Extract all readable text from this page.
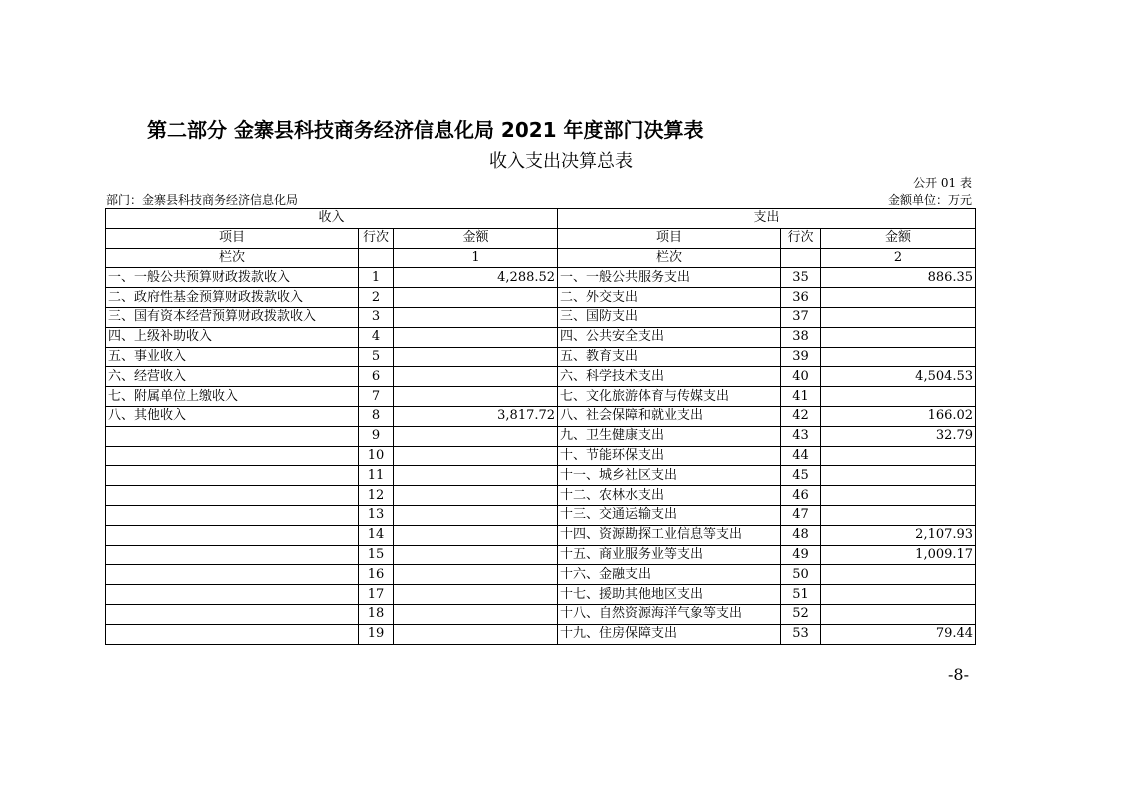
第二部分 金寨县科技商务经济信息化局 2021 年度部门决算表
收入支出决算总表
公开 01 表
部门：金寨县科技商务经济信息化局	金额单位：万元
收入			支出		
项目	行次	金额	项目	行次	金额
栏次		1	栏次		2
一、一般公共预算财政拨款收入	1	4,288.52	一、一般公共服务支出	35	886.35
二、政府性基金预算财政拨款收入	2		二、外交支出	36	
三、国有资本经营预算财政拨款收入	3		三、国防支出	37	
四、上级补助收入	4		四、公共安全支出	38	
五、事业收入	5		五、教育支出	39	
六、经营收入	6		六、科学技术支出	40	4,504.53
七、附属单位上缴收入	7		七、文化旅游体育与传媒支出	41	
八、其他收入	8	3,817.72	八、社会保障和就业支出	42	166.02
	9		九、卫生健康支出	43	32.79
	10		十、节能环保支出	44	
	11		十一、城乡社区支出	45	
	12		十二、农林水支出	46	
	13		十三、交通运输支出	47	
	14		十四、资源勘探工业信息等支出	48	2,107.93
	15		十五、商业服务业等支出	49	1,009.17
	16		十六、金融支出	50	
	17		十七、援助其他地区支出	51	
	18		十八、自然资源海洋气象等支出	52	
	19		十九、住房保障支出	53	79.44
-8-
